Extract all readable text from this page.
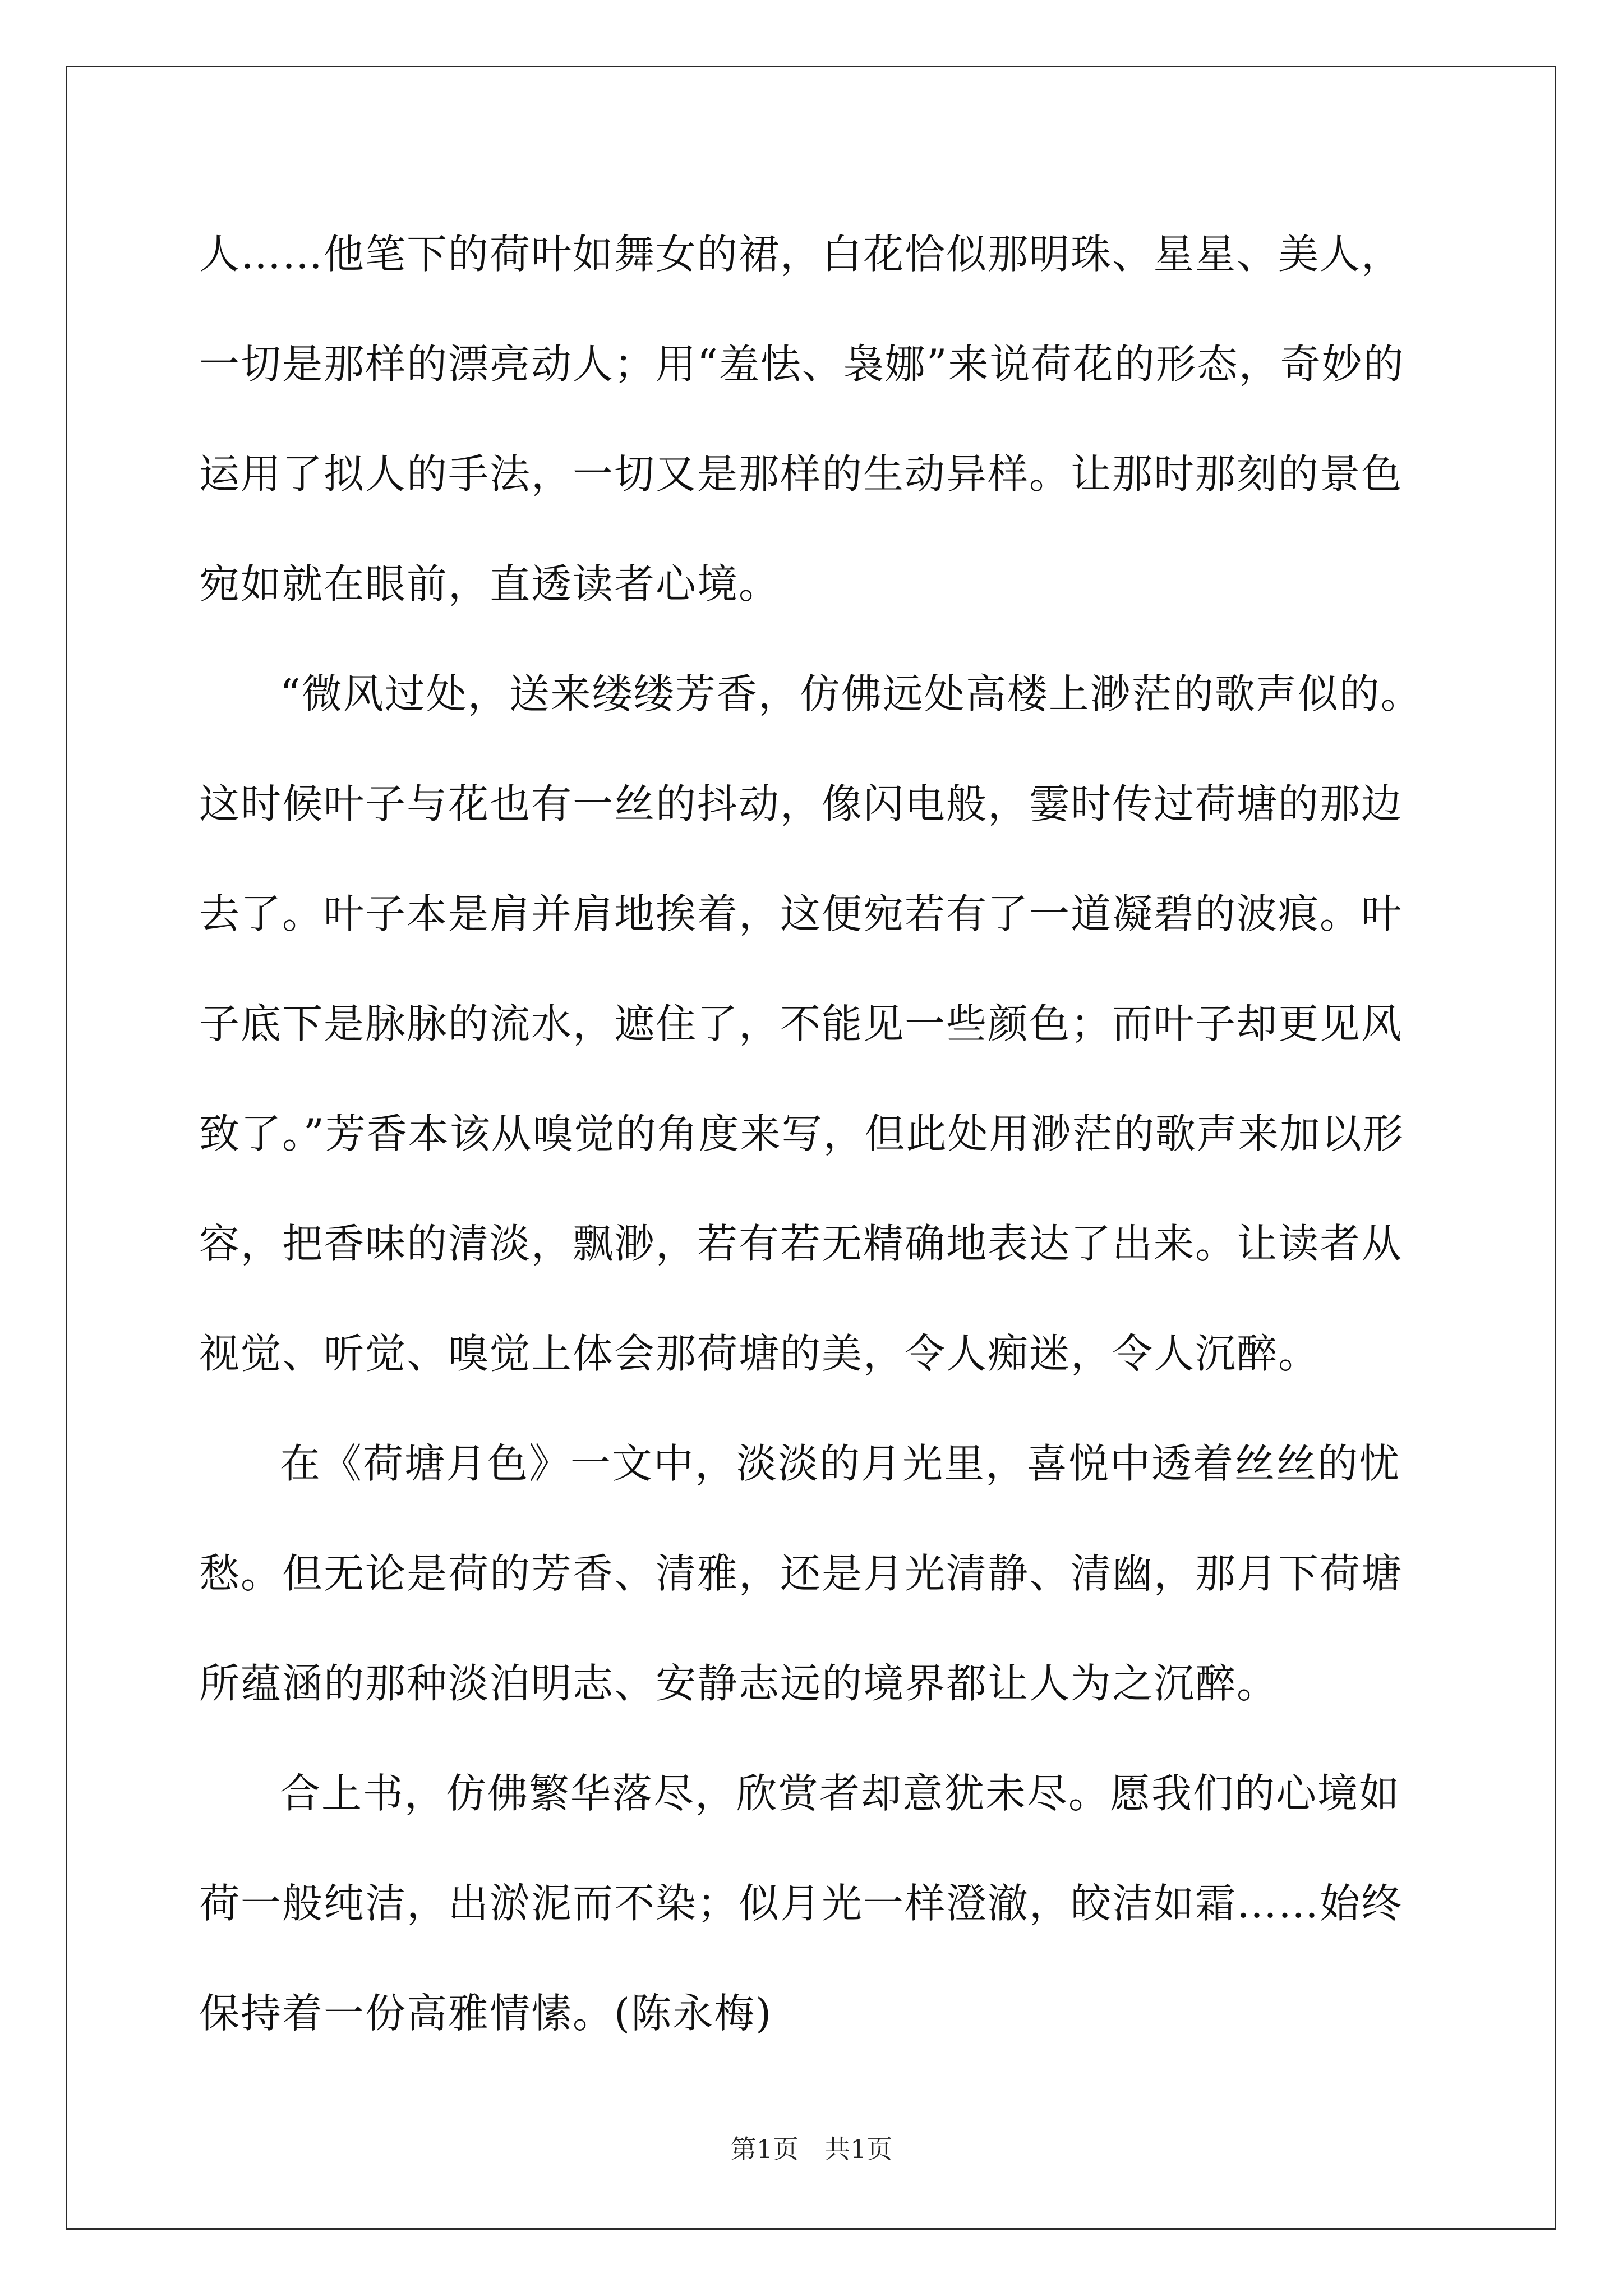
人……他笔下的荷叶如舞女的裙，白花恰似那明珠、星星、美人，一切是那样的漂亮动人；用“羞怯、袅娜”来说荷花的形态，奇妙的运用了拟人的手法，一切又是那样的生动异样。让那时那刻的景色宛如就在眼前，直透读者心境。

“微风过处，送来缕缕芳香，仿佛远处高楼上渺茫的歌声似的。这时候叶子与花也有一丝的抖动，像闪电般，霎时传过荷塘的那边去了。叶子本是肩并肩地挨着，这便宛若有了一道凝碧的波痕。叶子底下是脉脉的流水，遮住了，不能见一些颜色；而叶子却更见风致了。”芳香本该从嗅觉的角度来写，但此处用渺茫的歌声来加以形容，把香味的清淡，飘渺，若有若无精确地表达了出来。让读者从视觉、听觉、嗅觉上体会那荷塘的美，令人痴迷，令人沉醉。

在《荷塘月色》一文中，淡淡的月光里，喜悦中透着丝丝的忧愁。但无论是荷的芳香、清雅，还是月光清静、清幽，那月下荷塘所蕴涵的那种淡泊明志、安静志远的境界都让人为之沉醉。

合上书，仿佛繁华落尽，欣赏者却意犹未尽。愿我们的心境如荷一般纯洁，出淤泥而不染；似月光一样澄澈，皎洁如霜……始终保持着一份高雅情愫。(陈永梅)

第1页 共1页
